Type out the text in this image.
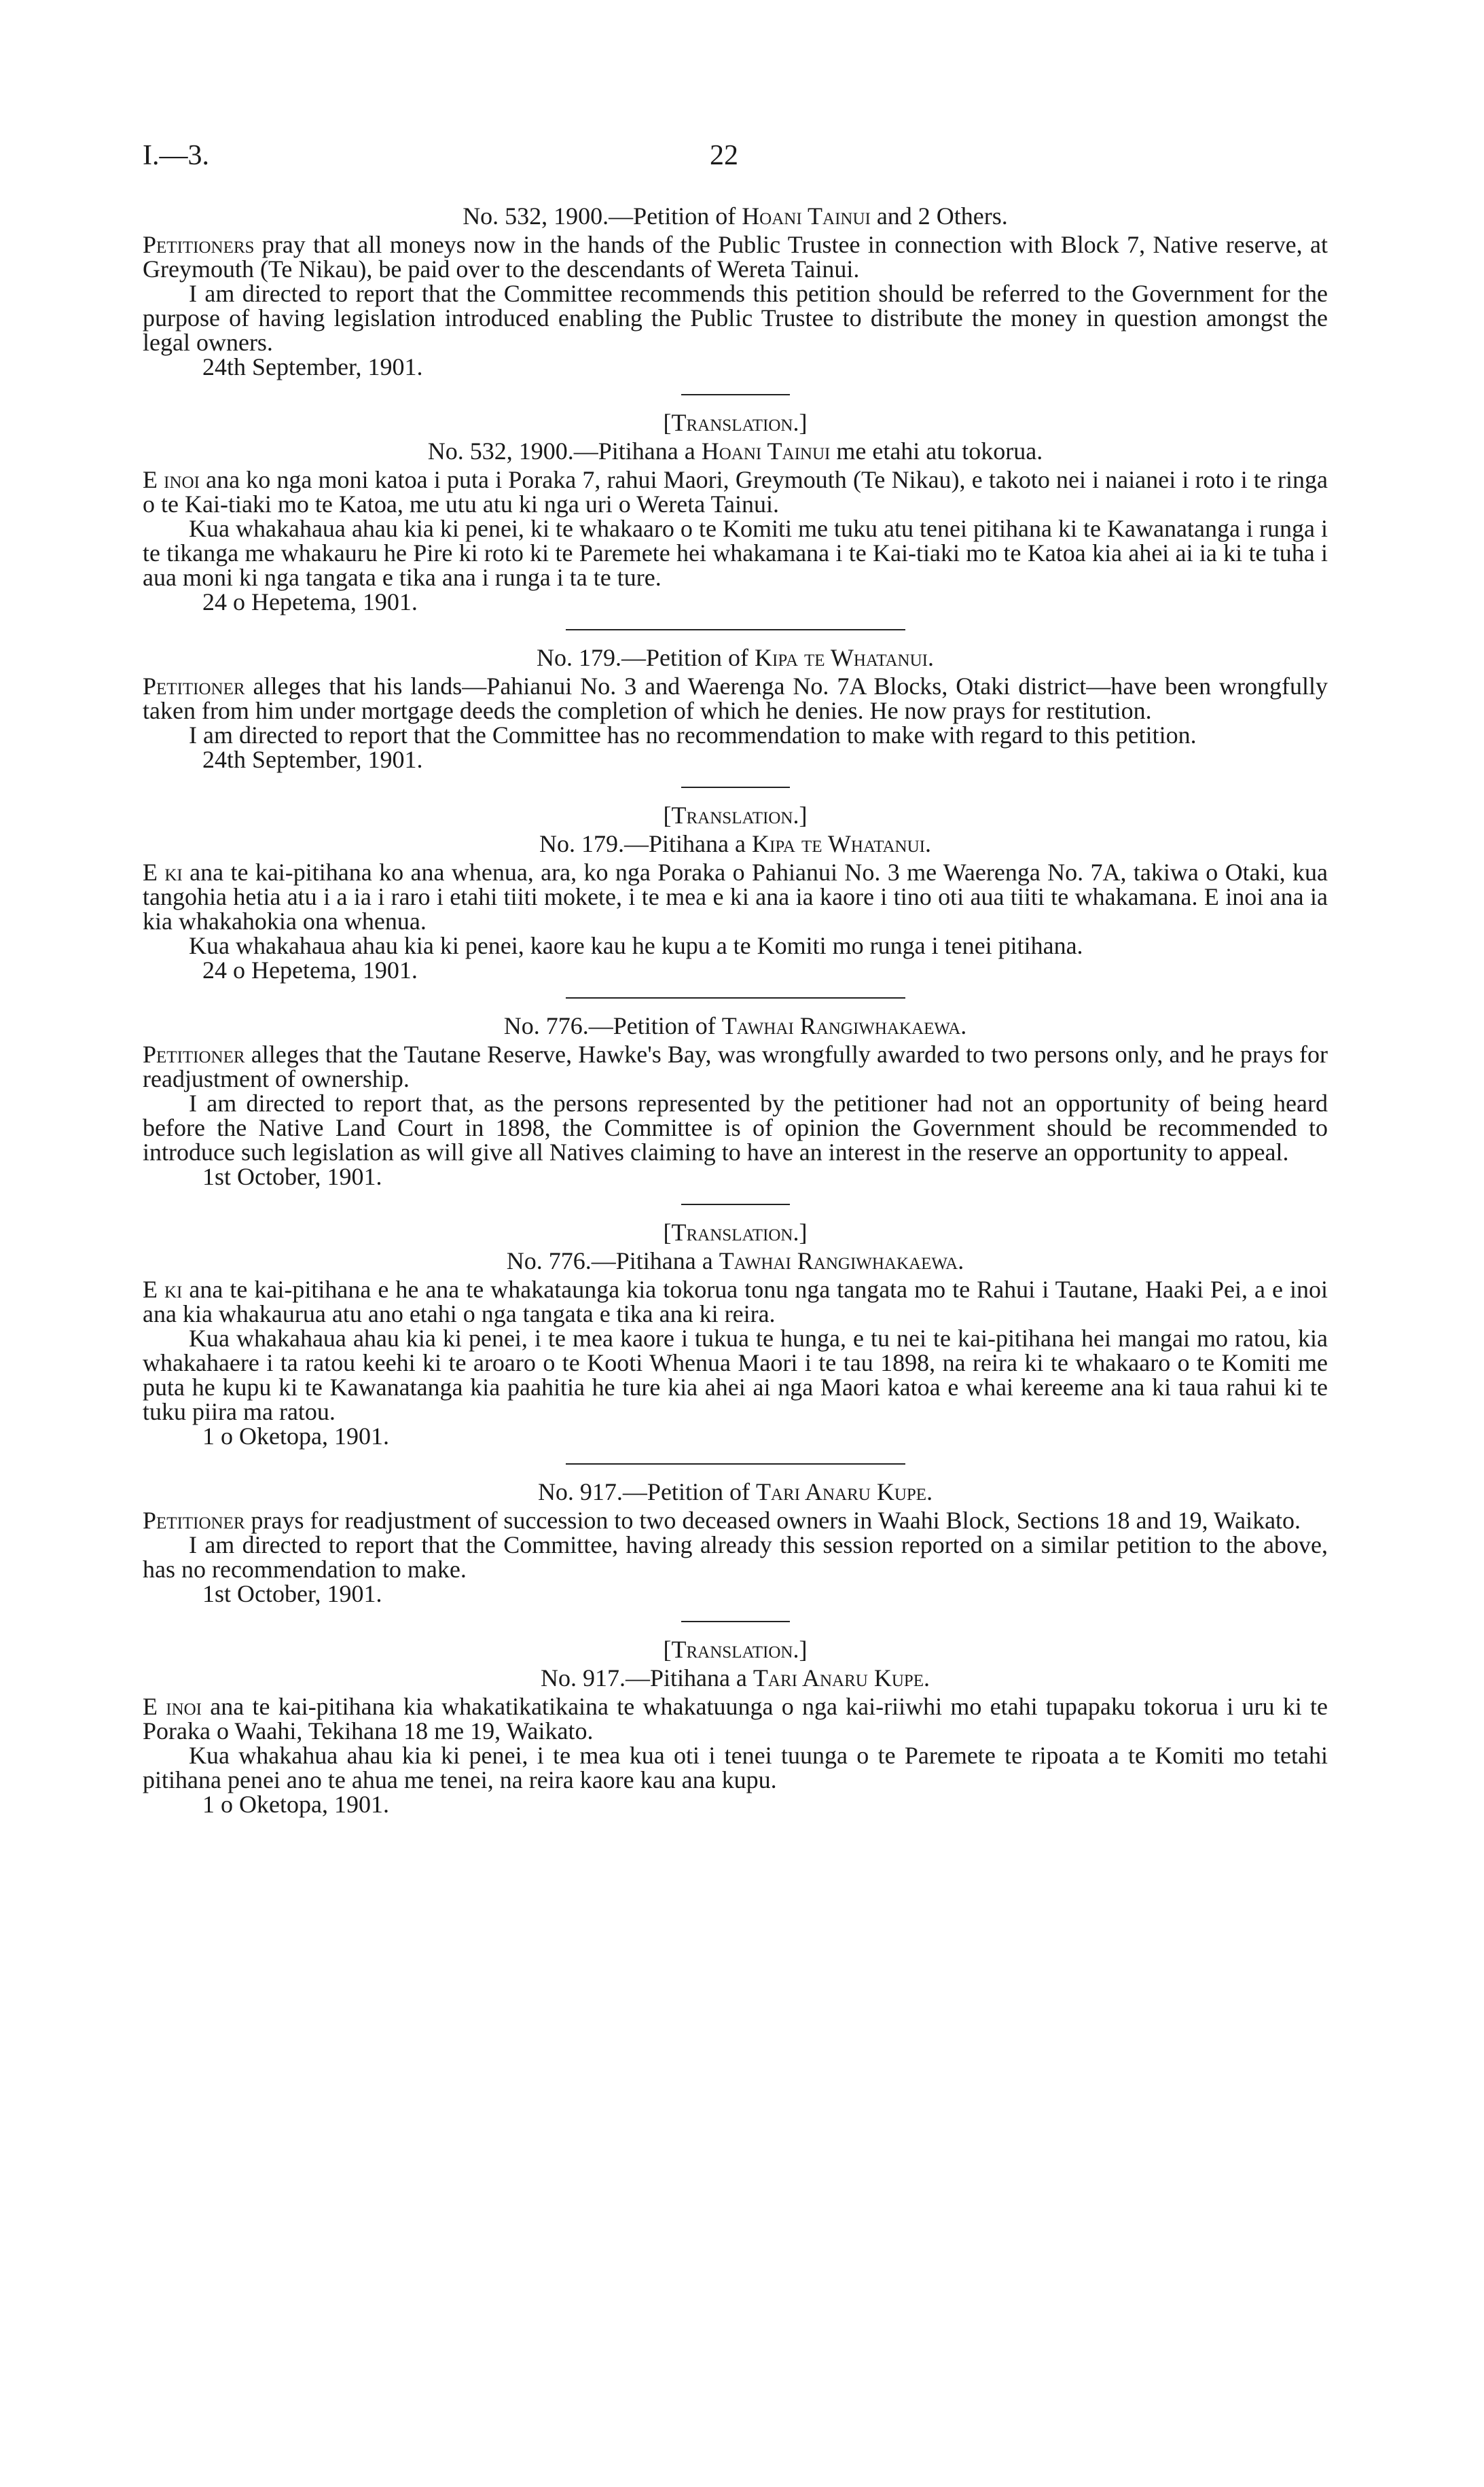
I.—3.	22
No. 532, 1900.—Petition of Hoani Tainui and 2 Others.

Petitioners pray that all moneys now in the hands of the Public Trustee in connection with Block 7, Native reserve, at Greymouth (Te Nikau), be paid over to the descendants of Wereta Tainui.

I am directed to report that the Committee recommends this petition should be referred to the Government for the purpose of having legislation introduced enabling the Public Trustee to distribute the money in question amongst the legal owners.

24th September, 1901.
[Translation.]
No. 532, 1900.—Pitihana a Hoani Tainui me etahi atu tokorua.

E inoi ana ko nga moni katoa i puta i Poraka 7, rahui Maori, Greymouth (Te Nikau), e takoto nei i naianei i roto i te ringa o te Kai-tiaki mo te Katoa, me utu atu ki nga uri o Wereta Tainui.

Kua whakahaua ahau kia ki penei, ki te whakaaro o te Komiti me tuku atu tenei pitihana ki te Kawanatanga i runga i te tikanga me whakauru he Pire ki roto ki te Paremete hei whakamana i te Kai-tiaki mo te Katoa kia ahei ai ia ki te tuha i aua moni ki nga tangata e tika ana i runga i ta te ture.

24 o Hepetema, 1901.
No. 179.—Petition of Kipa te Whatanui.

Petitioner alleges that his lands—Pahianui No. 3 and Waerenga No. 7A Blocks, Otaki district—have been wrongfully taken from him under mortgage deeds the completion of which he denies. He now prays for restitution.

I am directed to report that the Committee has no recommendation to make with regard to this petition.

24th September, 1901.
[Translation.]
No. 179.—Pitihana a Kipa te Whatanui.

E ki ana te kai-pitihana ko ana whenua, ara, ko nga Poraka o Pahianui No. 3 me Waerenga No. 7A, takiwa o Otaki, kua tangohia hetia atu i a ia i raro i etahi tiiti mokete, i te mea e ki ana ia kaore i tino oti aua tiiti te whakamana. E inoi ana ia kia whakahokia ona whenua.

Kua whakahaua ahau kia ki penei, kaore kau he kupu a te Komiti mo runga i tenei pitihana.

24 o Hepetema, 1901.
No. 776.—Petition of Tawhai Rangiwhakaewa.

Petitioner alleges that the Tautane Reserve, Hawke's Bay, was wrongfully awarded to two persons only, and he prays for readjustment of ownership.

I am directed to report that, as the persons represented by the petitioner had not an opportunity of being heard before the Native Land Court in 1898, the Committee is of opinion the Government should be recommended to introduce such legislation as will give all Natives claiming to have an interest in the reserve an opportunity to appeal.

1st October, 1901.
[Translation.]
No. 776.—Pitihana a Tawhai Rangiwhakaewa.

E ki ana te kai-pitihana e he ana te whakataunga kia tokorua tonu nga tangata mo te Rahui i Tautane, Haaki Pei, a e inoi ana kia whakaurua atu ano etahi o nga tangata e tika ana ki reira.

Kua whakahaua ahau kia ki penei, i te mea kaore i tukua te hunga, e tu nei te kai-pitihana hei mangai mo ratou, kia whakahaere i ta ratou keehi ki te aroaro o te Kooti Whenua Maori i te tau 1898, na reira ki te whakaaro o te Komiti me puta he kupu ki te Kawanatanga kia paahitia he ture kia ahei ai nga Maori katoa e whai kereeme ana ki taua rahui ki te tuku piira ma ratou.

1 o Oketopa, 1901.
No. 917.—Petition of Tari Anaru Kupe.

Petitioner prays for readjustment of succession to two deceased owners in Waahi Block, Sections 18 and 19, Waikato.

I am directed to report that the Committee, having already this session reported on a similar petition to the above, has no recommendation to make.

1st October, 1901.
[Translation.]
No. 917.—Pitihana a Tari Anaru Kupe.

E inoi ana te kai-pitihana kia whakatikatikaina te whakatuunga o nga kai-riiwhi mo etahi tupapaku tokorua i uru ki te Poraka o Waahi, Tekihana 18 me 19, Waikato.

Kua whakahua ahau kia ki penei, i te mea kua oti i tenei tuunga o te Paremete te ripoata a te Komiti mo tetahi pitihana penei ano te ahua me tenei, na reira kaore kau ana kupu.

1 o Oketopa, 1901.
